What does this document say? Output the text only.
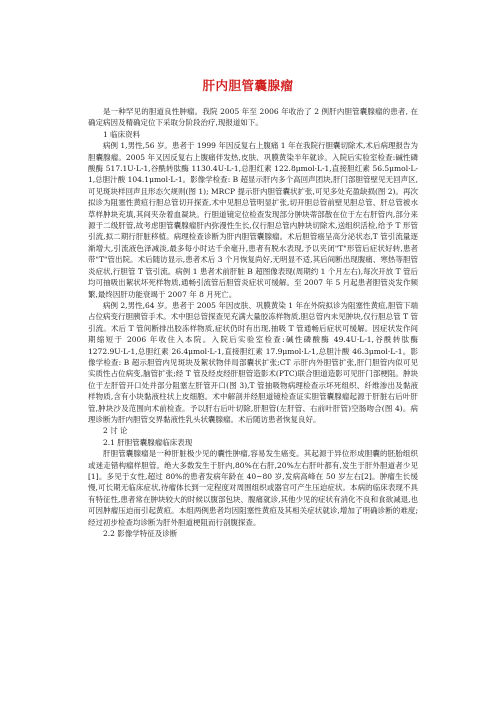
肝内胆管囊腺瘤

是一种罕见的胆道良性肿瘤。我院 2005 年至 2006 年收治了 2 例肝内胆管囊腺瘤的患者, 在确定病因及精确定位下采取分阶段治疗,现报道如下。

1 临床资料

病例 1,男性,56 岁。患者于 1999 年因反复右上腹痛 1 年在我院行胆囊切除术,术后病理报告为胆囊腺瘤。2005 年又因反复右上腹痛伴发热,皮肤、巩膜黄染半年就诊。入院后实验室检查:碱性磷酸酶 517.1U·L-1,谷酰转肽酶 1130.4U·L-1,总胆红素 122.8μmol·L-1,直接胆红素 56.5μmol·L-1,总胆汁酸 104.1μmol·L-1。影像学检查: B 超显示肝内多个高回声团块,肝门部胆管壁见无回声区,可见斑块样回声且形态欠规则(图 1); MRCP 提示肝内胆管囊状扩张,可见多处充盈缺损(图 2)。再次拟诊为阻塞性黄疸行胆总管切开探查,术中见胆总管明显扩张,切开胆总管前壁见胆总管、肝总管被水草样肿块充填,其间夹杂着血凝块。行胆道镜定位检查发现部分肿块蒂部散在位于左右肝管内,部分来源于二级肝管,故考虑胆管囊腺瘤肝内弥漫性生长,仅行胆总管内肿块切除术,送组织活检,给予 T 形管引流,拟二期行肝脏移植。病理检查诊断为肝内胆管囊腺瘤。术后胆管癌呈高分泌状态,T 管引流量逐渐增大,引流液色泽减淡,最多每小时达千余毫升,患者有脱水表现,予以夹闭"T"形管后症状好转,患者带"T"管出院。术后随访显示,患者术后 3 个月恢复尚好,无明显不适,其后间断出现腹痛、寒热等胆管炎症状,行胆管 T 管引流。病例 1 患者术前肝脏 B 超图像表现(周期约 1 个月左右),每次开放 T 管后均可抽吸出絮状坏死样物质,通畅引流管后胆管炎症状可缓解。至 2007 年 5 月起患者胆管炎发作频繁,最终因肝功能衰竭于 2007 年 8 月死亡。

病例 2,男性,64 岁。患者于 2005 年因皮肤、巩膜黄染 1 年在外院拟诊为阻塞性黄疸,胆管下端占位病变行胆胰管手术。术中胆总管探查见充满大量胶冻样物质,胆总管内未见肿块,仅行胆总管 T 管引流。术后 T 管间断排出胶冻样物质,症状仍时有出现,抽吸 T 管通畅后症状可缓解。因症状发作间期缩短于 2006 年收住入本院。入院后实验室检查:碱性磷酸酶 49.4U·L-1,谷酰转肽酶 1272.9U·L-1,总胆红素 26.4μmol·L-1,直接胆红素 17.9μmol·L-1,总胆汁酸 46.3μmol·L-1。影像学检查: B 超示胆管内见斑块及絮状物伴局部囊状扩张;CT 示肝内外胆管扩张,肝门胆管内似可见实质性占位病变,脑管扩张;经 T 管及经皮经肝胆管造影术(PTC)联合胆道造影可见肝门部梗阻。肿块位于左肝管开口处并部分阻塞左肝管开口(图 3),T 管抽吸物病理检查示坏死组织、纤维渗出及黏液样物质,含有小块黏液柱状上皮细胞。术中解剖并经胆道镜检查证实胆管囊腺瘤起源于肝脏右后叶肝管,肿块沙及范围向术前检查。予以肝右后叶切除,肝胆管(左肝管、右前叶肝管)空肠吻合(图 4)。病理诊断为肝内胆管交界黏液性乳头状囊腺瘤。术后随访患者恢复良好。

2 讨 论

2.1 肝胆管囊腺瘤临床表现

肝胆管囊腺瘤是一种肝脏极少见的囊性肿瘤,容易发生癌变。其起源于异位形成胆囊的胚胎组织或迷走错构瘤样胆管。绝大多数发生于肝内,80%在右肝,20%左右肝叶都有,发生于肝外胆道者少见[1]。多见于女性,超过 80%的患者发病年龄在 40~80 岁,发病高峰在 50 岁左右[2]。肿瘤生长缓慢,可长期无临床症状,待瘤体长到一定程度对周围组织或器官可产生压迫症状。本病的临床表现不具有特征性,患者常在肿块较大的时候以腹部包块、腹痛就诊,其他少见的症状有消化不良和食欲减退,也可因肿瘤压迫而引起黄疸。本组两例患者均因阻塞性黄疸及其相关症状就诊,增加了明确诊断的难度;经过初步检查均诊断为肝外胆道梗阻而行剖腹探查。

2.2 影像学特征及诊断
